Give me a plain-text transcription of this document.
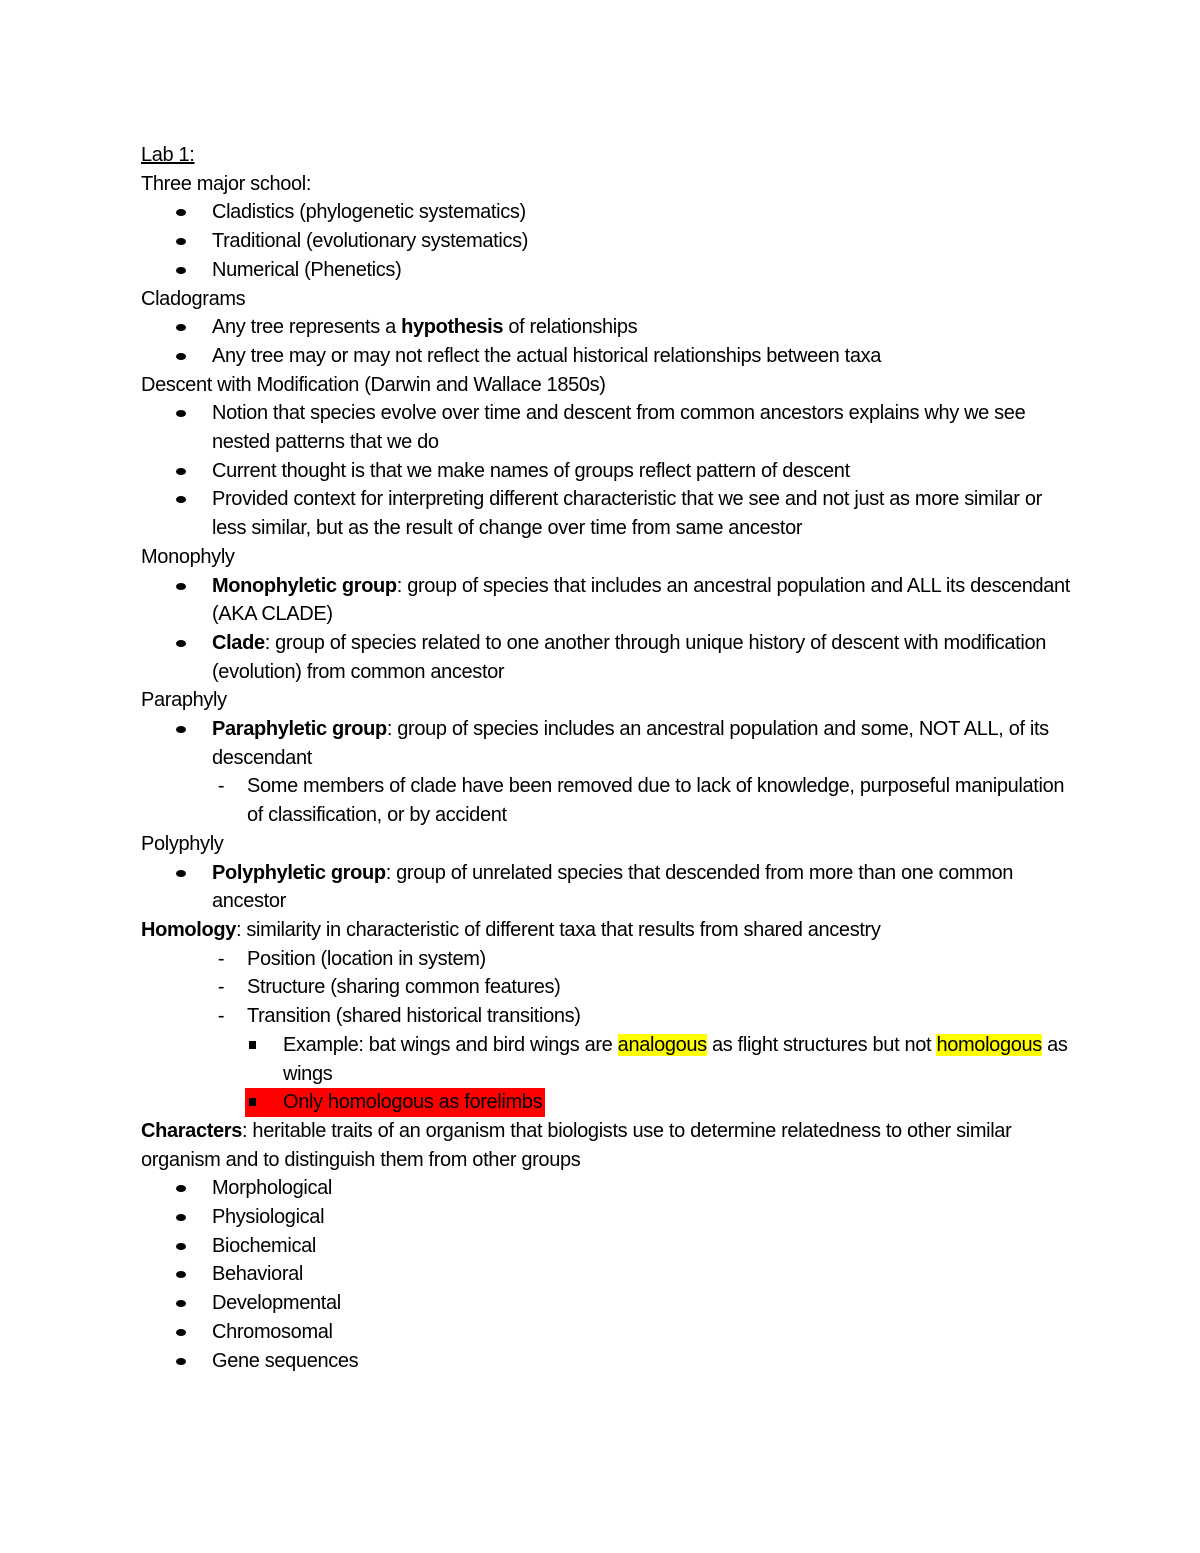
Lab 1:

Three major school:

Cladistics (phylogenetic systematics)

Traditional (evolutionary systematics)

Numerical (Phenetics)

Cladograms

Any tree represents a hypothesis of relationships

Any tree may or may not reflect the actual historical relationships between taxa

Descent with Modification (Darwin and Wallace 1850s)

Notion that species evolve over time and descent from common ancestors explains why we see nested patterns that we do

Current thought is that we make names of groups reflect pattern of descent

Provided context for interpreting different characteristic that we see and not just as more similar or less similar, but as the result of change over time from same ancestor

Monophyly

Monophyletic group: group of species that includes an ancestral population and ALL its descendant (AKA CLADE)

Clade: group of species related to one another through unique history of descent with modification (evolution) from common ancestor

Paraphyly

Paraphyletic group: group of species includes an ancestral population and some, NOT ALL, of its descendant

-	Some members of clade have been removed due to lack of knowledge, purposeful manipulation of classification, or by accident

Polyphyly

Polyphyletic group: group of unrelated species that descended from more than one common ancestor

Homology: similarity in characteristic of different taxa that results from shared ancestry

-	Position (location in system)

-	Structure (sharing common features)

-	Transition (shared historical transitions)

Example: bat wings and bird wings are analogous as flight structures but not homologous as wings

Only homologous as forelimbs

Characters: heritable traits of an organism that biologists use to determine relatedness to other similar organism and to distinguish them from other groups

Morphological

Physiological

Biochemical

Behavioral

Developmental

Chromosomal

Gene sequences
